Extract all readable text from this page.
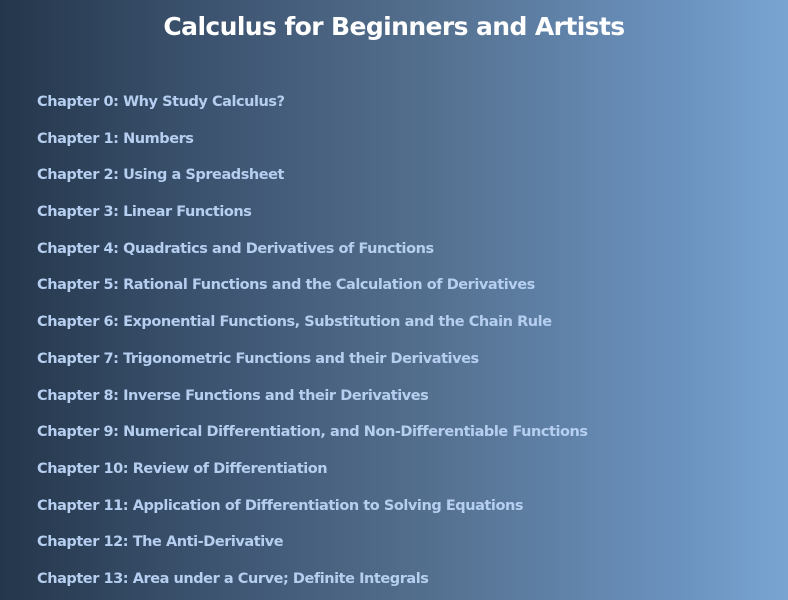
Calculus for Beginners and Artists
Chapter 0: Why Study Calculus?
Chapter 1: Numbers
Chapter 2: Using a Spreadsheet
Chapter 3: Linear Functions
Chapter 4: Quadratics and Derivatives of Functions
Chapter 5: Rational Functions and the Calculation of Derivatives
Chapter 6: Exponential Functions, Substitution and the Chain Rule
Chapter 7: Trigonometric Functions and their Derivatives
Chapter 8: Inverse Functions and their Derivatives
Chapter 9: Numerical Differentiation, and Non-Differentiable Functions
Chapter 10: Review of Differentiation
Chapter 11: Application of Differentiation to Solving Equations
Chapter 12: The Anti-Derivative
Chapter 13: Area under a Curve; Definite Integrals
